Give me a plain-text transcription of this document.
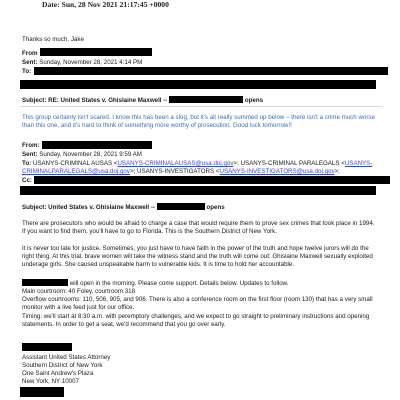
Date: Sun, 28 Nov 2021 21:17:45 +0000
Thanks so much, Jake
From
Sent: Sunday, November 28, 2021 4:14 PM
To:
Subject: RE: United States v. Ghislaine Maxwell --	opens
This group certainly isn't scared. I know this has been a slog, but it's all really summed up below – there isn't a crime much worse than this one, and it's hard to think of something more worthy of prosecution. Good luck tomorrow!!
From:
Sent: Sunday, November 28, 2021 9:59 AM
To: USANYS-CRIMINAL AUSAS <USANYS-CRIMINALAUSAS@usa.doj.gov>; USANYS-CRIMINAL PARALEGALS <USANYS-
CRIMINALPARALEGALS@usa.doj.gov>; USANYS-INVESTIGATORS <USANYS-INVESTIGATORS@usa.doj.gov>;
Cc:
Subject: United States v. Ghislaine Maxwell --	opens
There are prosecutors who would be afraid to charge a case that would require them to prove sex crimes that took place in 1994. If you want to find them, you'll have to go to Florida. This is the Southern District of New York.
It is never too late for justice. Sometimes, you just have to have faith in the power of the truth and hope twelve jurors will do the right thing. At this trial, brave women will take the witness stand and the truth will come out: Ghislaine Maxwell sexually exploited underage girls. She caused unspeakable harm to vulnerable kids. It is time to hold her accountable.
will open in the morning. Please come support. Details below. Updates to follow.
Main courtroom: 40 Foley, courtroom 318
Overflow courtrooms: 110, 506, 905, and 906. There is also a conference room on the first floor (room 130) that has a very small monitor with a live feed just for our office.
Timing: we'll start at 8:30 a.m. with peremptory challenges, and we expect to go straight to preliminary instructions and opening statements. In order to get a seat, we'd recommend that you go over early.
Assistant United States Attorney
Southern District of New York
One Saint Andrew's Plaza
New York, NY 10007
